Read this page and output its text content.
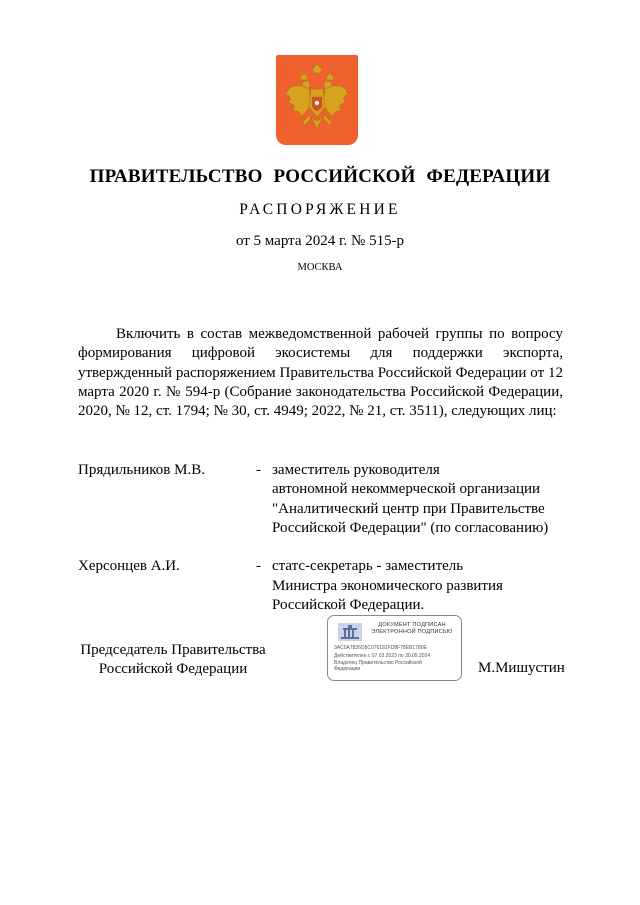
ПРАВИТЕЛЬСТВО РОССИЙСКОЙ ФЕДЕРАЦИИ
РАСПОРЯЖЕНИЕ
от 5 марта 2024 г. № 515-р
МОСКВА

Включить в состав межведомственной рабочей группы по вопросу формирования цифровой экосистемы для поддержки экспорта, утвержденный распоряжением Правительства Российской Федерации от 12 марта 2020 г. № 594-р (Собрание законодательства Российской Федерации, 2020, № 12, ст. 1794; № 30, ст. 4949; 2022, № 21, ст. 3511), следующих лиц:

Прядильников М.В.	- заместитель руководителя
автономной некоммерческой организации
"Аналитический центр при Правительстве
Российской Федерации" (по согласованию)
Херсонцев А.И.	- статс-секретарь - заместитель
Министра экономического развития
Российской Федерации.
Председатель Правительства
Российской Федерации
ДОКУМЕНТ ПОДПИСАН
ЭЛЕКТРОННОЙ ПОДПИСЬЮ
3AC0A7826D5C076181FD8F78EB1780E
Действителен с 07.03.2023 по 30.05.2024
Владелец Правительство Российской
Федерации	М.Мишустин
